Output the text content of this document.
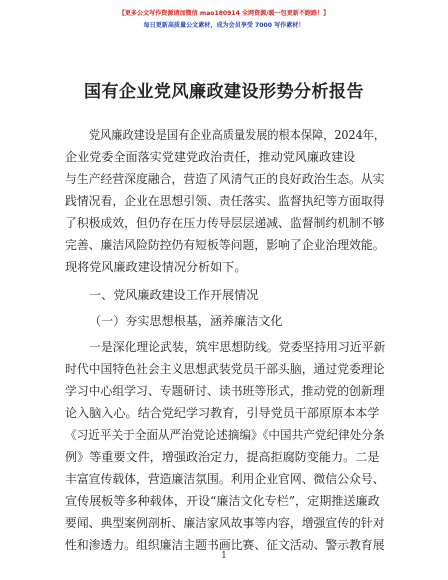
【更多公文写作资源请加微信 mao180914 全网资源/暖一包更新不跑路！】
每日更新高质量公文素材，成为会员享受 7000 写作素材！
国有企业党风廉政建设形势分析报告
党风廉政建设是国有企业高质量发展的根本保障，2024年，
企业党委全面落实党建党政治责任，推动党风廉政建设
与生产经营深度融合，营造了风清气正的良好政治生态。从实
践情况看，企业在思想引领、责任落实、监督执纪等方面取得
了积极成效，但仍存在压力传导层层递减、监督制约机制不够
完善、廉洁风险防控仍有短板等问题，影响了企业治理效能。
现将党风廉政建设情况分析如下。
一、党风廉政建设工作开展情况
（一）夯实思想根基，涵养廉洁文化
一是深化理论武装，筑牢思想防线。党委坚持用习近平新
时代中国特色社会主义思想武装党员干部头脑，通过党委理论
学习中心组学习、专题研讨、读书班等形式，推动党的创新理
论入脑入心。结合党纪学习教育，引导党员干部原原本本学
《习近平关于全面从严治党论述摘编》《中国共产党纪律处分条
例》等重要文件，增强政治定力，提高拒腐防变能力。二是
丰富宣传载体，营造廉洁氛围。利用企业官网、微信公众号、
宣传展板等多种载体，开设“廉洁文化专栏”，定期推送廉政
要闻、典型案例剖析、廉洁家风故事等内容，增强宣传的针对
性和渗透力。组织廉洁主题书画比赛、征文活动、警示教育展
1
